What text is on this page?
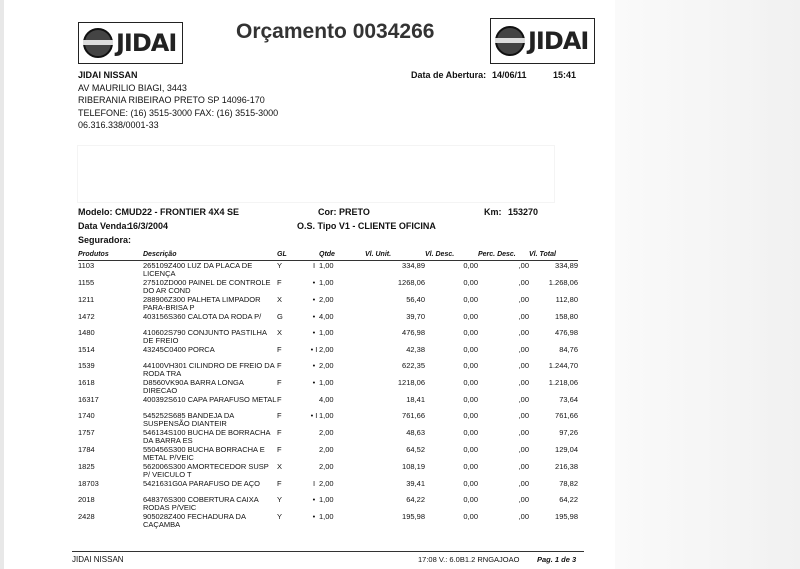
JIDAI	JIDAI
Orçamento 0034266
JIDAI NISSAN
AV MAURILIO BIAGI, 3443
RIBERANIA RIBEIRAO PRETO SP 14096-170
TELEFONE: (16) 3515-3000 FAX: (16) 3515-3000
06.316.338/0001-33
Data de Abertura: 14/06/11	15:41
Modelo: CMUD22 - FRONTIER 4X4 SE	Cor: PRETO	Km: 153270
Data Venda:
16/3/2004	O.S. Tipo V1 - CLIENTE OFICINA
Seguradora:
Produtos	Descrição	GL		Qtde	Vl. Unit.	Vl. Desc.	Perc. Desc.	Vl. Total
1103	265109Z400 LUZ DA PLACA DE LICENÇA	Y	I	1,00	334,89	0,00	,00	334,89
1155	27510ZD000 PAINEL DE CONTROLE DO AR COND	F	•	1,00	1268,06	0,00	,00	1.268,06
1211	288906Z300 PALHETA LIMPADOR PARA-BRISA P	X	•	2,00	56,40	0,00	,00	112,80
1472	403156S360 CALOTA DA RODA P/	G	•	4,00	39,70	0,00	,00	158,80
1480	410602S790 CONJUNTO PASTILHA DE FREIO	X	•	1,00	476,98	0,00	,00	476,98
1514	43245C0400 PORCA	F	• I	2,00	42,38	0,00	,00	84,76
1539	44100VH301 CILINDRO DE FREIO DA RODA TRA	F	•	2,00	622,35	0,00	,00	1.244,70
1618	D8560VK90A BARRA LONGA DIRECAO	F	•	1,00	1218,06	0,00	,00	1.218,06
16317	400392S610 CAPA PARAFUSO METAL	F		4,00	18,41	0,00	,00	73,64
1740	545252S685 BANDEJA DA SUSPENSÃO DIANTEIR	F	• I	1,00	761,66	0,00	,00	761,66
1757	546134S100 BUCHA DE BORRACHA DA BARRA ES	F		2,00	48,63	0,00	,00	97,26
1784	550456S300 BUCHA BORRACHA E METAL P/VEIC	F		2,00	64,52	0,00	,00	129,04
1825	562006S300 AMORTECEDOR SUSP P/ VEICULO T	X		2,00	108,19	0,00	,00	216,38
18703	5421631G0A PARAFUSO DE AÇO	F	I	2,00	39,41	0,00	,00	78,82
2018	648376S300 COBERTURA CAIXA RODAS P/VEIC	Y	•	1,00	64,22	0,00	,00	64,22
2428	905028Z400 FECHADURA DA CAÇAMBA	Y	•	1,00	195,98	0,00	,00	195,98
JIDAI NISSAN	17:08 V.: 6.0B1.2 RNGAJOAO Pag. 1 de 3
